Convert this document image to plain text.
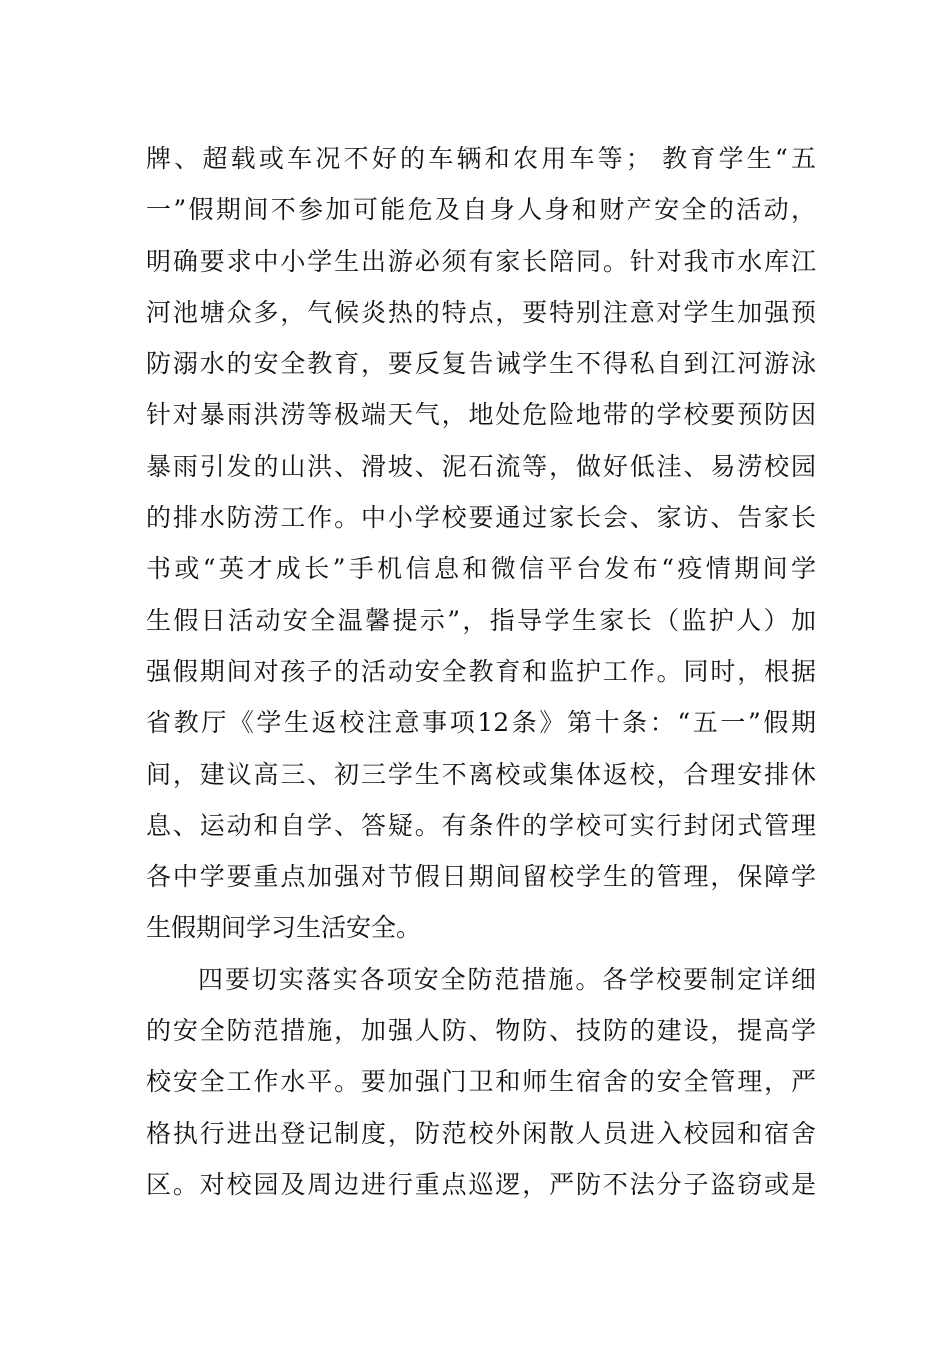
牌、超载或车况不好的车辆和农用车等； 教育学生“五
一”假期间不参加可能危及自身人身和财产安全的活动，
明确要求中小学生出游必须有家长陪同。针对我市水库江
河池塘众多，气候炎热的特点，要特别注意对学生加强预
防溺水的安全教育，要反复告诫学生不得私自到江河游泳
针对暴雨洪涝等极端天气，地处危险地带的学校要预防因
暴雨引发的山洪、滑坡、泥石流等，做好低洼、易涝校园
的排水防涝工作。中小学校要通过家长会、家访、告家长
书或“英才成长”手机信息和微信平台发布“疫情期间学
生假日活动安全温馨提示”，指导学生家长（监护人）加
强假期间对孩子的活动安全教育和监护工作。同时，根据
省教厅《学生返校注意事项12条》第十条：“五一”假期
间，建议高三、初三学生不离校或集体返校，合理安排休
息、运动和自学、答疑。有条件的学校可实行封闭式管理
各中学要重点加强对节假日期间留校学生的管理，保障学
生假期间学习生活安全。
四要切实落实各项安全防范措施。各学校要制定详细
的安全防范措施，加强人防、物防、技防的建设，提高学
校安全工作水平。要加强门卫和师生宿舍的安全管理，严
格执行进出登记制度，防范校外闲散人员进入校园和宿舍
区。对校园及周边进行重点巡逻，严防不法分子盗窃或是
